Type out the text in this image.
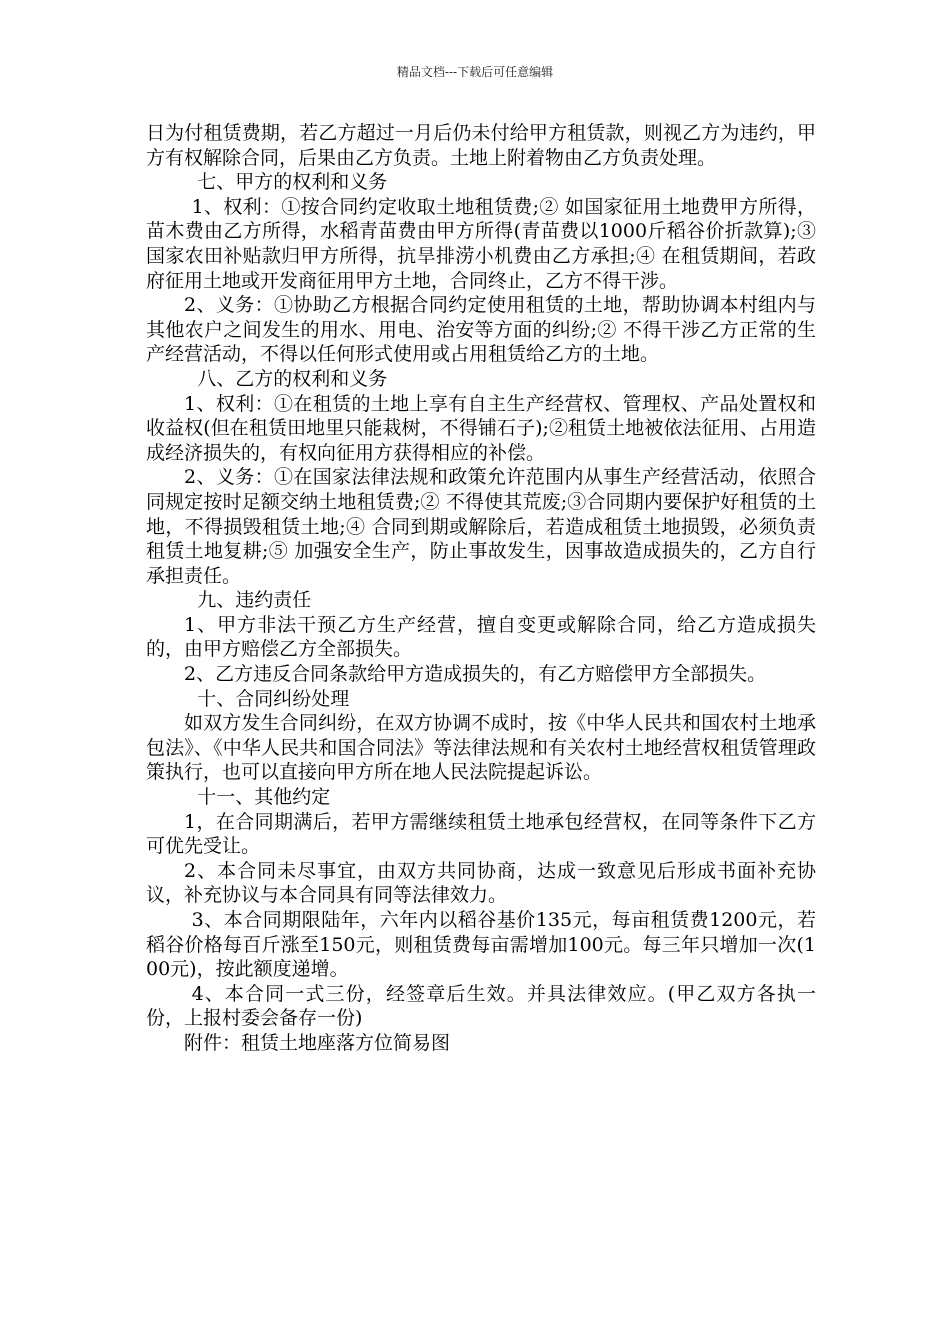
精品文档---下载后可任意编辑

日为付租赁费期，若乙方超过一月后仍未付给甲方租赁款，则视乙方为违约，甲方有权解除合同，后果由乙方负责。土地上附着物由乙方负责处理。

七、甲方的权利和义务

1、权利：①按合同约定收取土地租赁费;② 如国家征用土地费甲方所得，苗木费由乙方所得，水稻青苗费由甲方所得(青苗费以1000斤稻谷价折款算);③ 国家农田补贴款归甲方所得，抗旱排涝小机费由乙方承担;④ 在租赁期间，若政府征用土地或开发商征用甲方土地，合同终止，乙方不得干涉。

2、义务：①协助乙方根据合同约定使用租赁的土地，帮助协调本村组内与其他农户之间发生的用水、用电、治安等方面的纠纷;② 不得干涉乙方正常的生产经营活动，不得以任何形式使用或占用租赁给乙方的土地。

八、乙方的权利和义务

1、权利：①在租赁的土地上享有自主生产经营权、管理权、产品处置权和收益权(但在租赁田地里只能栽树，不得铺石子);②租赁土地被依法征用、占用造成经济损失的，有权向征用方获得相应的补偿。

2、义务：①在国家法律法规和政策允许范围内从事生产经营活动，依照合同规定按时足额交纳土地租赁费;② 不得使其荒废;③合同期内要保护好租赁的土地，不得损毁租赁土地;④ 合同到期或解除后，若造成租赁土地损毁，必须负责租赁土地复耕;⑤ 加强安全生产，防止事故发生，因事故造成损失的，乙方自行承担责任。

九、违约责任

1、甲方非法干预乙方生产经营，擅自变更或解除合同，给乙方造成损失的，由甲方赔偿乙方全部损失。

2、乙方违反合同条款给甲方造成损失的，有乙方赔偿甲方全部损失。

十、合同纠纷处理

如双方发生合同纠纷，在双方协调不成时，按《中华人民共和国农村土地承包法》、《中华人民共和国合同法》等法律法规和有关农村土地经营权租赁管理政策执行，也可以直接向甲方所在地人民法院提起诉讼。

十一、其他约定

1，在合同期满后，若甲方需继续租赁土地承包经营权，在同等条件下乙方可优先受让。

2、本合同未尽事宜，由双方共同协商，达成一致意见后形成书面补充协议，补充协议与本合同具有同等法律效力。

3、本合同期限陆年，六年内以稻谷基价135元，每亩租赁费1200元，若稻谷价格每百斤涨至150元，则租赁费每亩需增加100元。每三年只增加一次(100元)，按此额度递增。

4、本合同一式三份，经签章后生效。并具法律效应。(甲乙双方各执一份，上报村委会备存一份)

附件：租赁土地座落方位简易图
